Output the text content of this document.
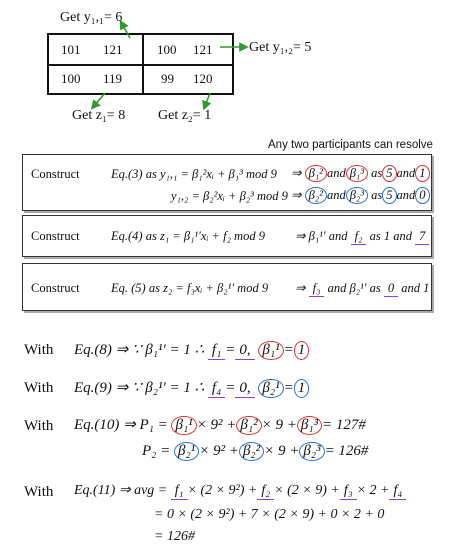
Get y₁,₁= 6
Get y₁,₂= 5
Get z₁= 8 Get z₂= 1
101 121	100 121
100 119	99 120
Any two participants can resolve
Construct	Eq.(3) as y₁,₁ = β₁²xᵢ + β₁³ mod 9 ⇒ β₁² and β₁³ as 5 and 1
y₁,₂ = β₂²xᵢ + β₂³ mod 9 ⇒ β₂² and β₂³ as 5 and 0
Construct	Eq.(4) as z₁ = β₁¹′xᵢ + f₂ mod 9 ⇒ β₁¹′ and f₂ as 1 and 7
Construct	Eq. (5) as z₂ = f₃xᵢ + β₂¹′ mod 9 ⇒ f₃ and β₂¹′ as 0 and 1
With Eq.(8) ⇒ ∵ β₁¹′ = 1 ∴ f₁ = 0, β₁¹ = 1
With Eq.(9) ⇒ ∵ β₂¹′ = 1 ∴ f₄ = 0, β₂¹ = 1
With Eq.(10) ⇒ P₁ = β₁¹ × 9² + β₁² × 9 + β₁³ = 127#
P₂ = β₂¹ × 9² + β₂² × 9 + β₂³ = 126#
With Eq.(11) ⇒ avg = f₁ × (2 × 9²) + f₂ × (2 × 9) + f₃ × 2 + f₄
= 0 × (2 × 9²) + 7 × (2 × 9) + 0 × 2 + 0
= 126#
